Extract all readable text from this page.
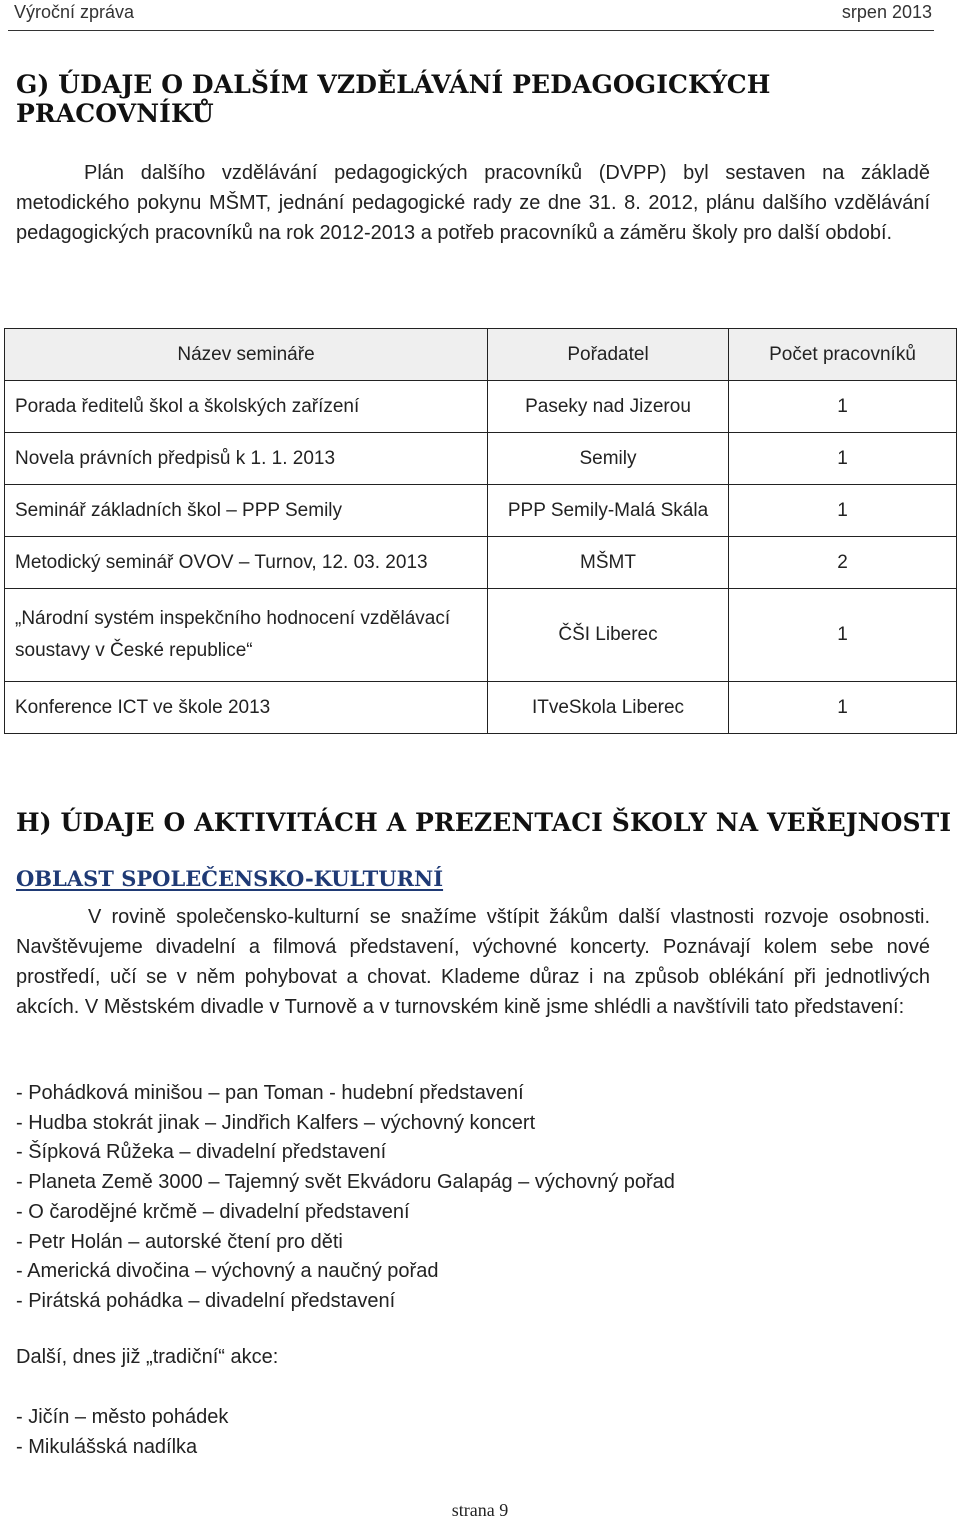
Výroční zpráva	srpen 2013
G) ÚDAJE O DALŠÍM VZDĚLÁVÁNÍ PEDAGOGICKÝCH PRACOVNÍKŮ
Plán dalšího vzdělávání pedagogických pracovníků (DVPP) byl sestaven na základě metodického pokynu MŠMT, jednání pedagogické rady ze dne 31. 8. 2012, plánu dalšího vzdělávání pedagogických pracovníků na rok 2012-2013 a potřeb pracovníků a záměru školy pro další období.
Název semináře	Pořadatel	Počet pracovníků
Porada ředitelů škol a školských zařízení	Paseky nad Jizerou	1
Novela právních předpisů k 1. 1. 2013	Semily	1
Seminář základních škol – PPP Semily	PPP Semily-Malá Skála	1
Metodický seminář OVOV – Turnov, 12. 03. 2013	MŠMT	2
„Národní systém inspekčního hodnocení vzdělávací soustavy v České republice“	ČŠI Liberec	1
Konference ICT ve škole 2013	ITveSkola Liberec	1
H) ÚDAJE O AKTIVITÁCH A PREZENTACI ŠKOLY NA VEŘEJNOSTI
OBLAST SPOLEČENSKO-KULTURNÍ
V rovině společensko-kulturní se snažíme vštípit žákům další vlastnosti rozvoje osobnosti. Navštěvujeme divadelní a filmová představení, výchovné koncerty. Poznávají kolem sebe nové prostředí, učí se v něm pohybovat a chovat. Klademe důraz i na způsob oblékání při jednotlivých akcích. V Městském divadle v Turnově a v turnovském kině jsme shlédli a navštívili tato představení:
- Pohádková minišou – pan Toman - hudební představení
- Hudba stokrát jinak – Jindřich Kalfers – výchovný koncert
- Šípková Růžeka – divadelní představení
- Planeta Země 3000 – Tajemný svět Ekvádoru Galapág – výchovný pořad
- O čarodějné krčmě – divadelní představení
- Petr Holán – autorské čtení pro děti
- Americká divočina – výchovný a naučný pořad
- Pirátská pohádka – divadelní představení
Další, dnes již „tradiční“ akce:
- Jičín – město pohádek
- Mikulášská nadílka
strana 9
